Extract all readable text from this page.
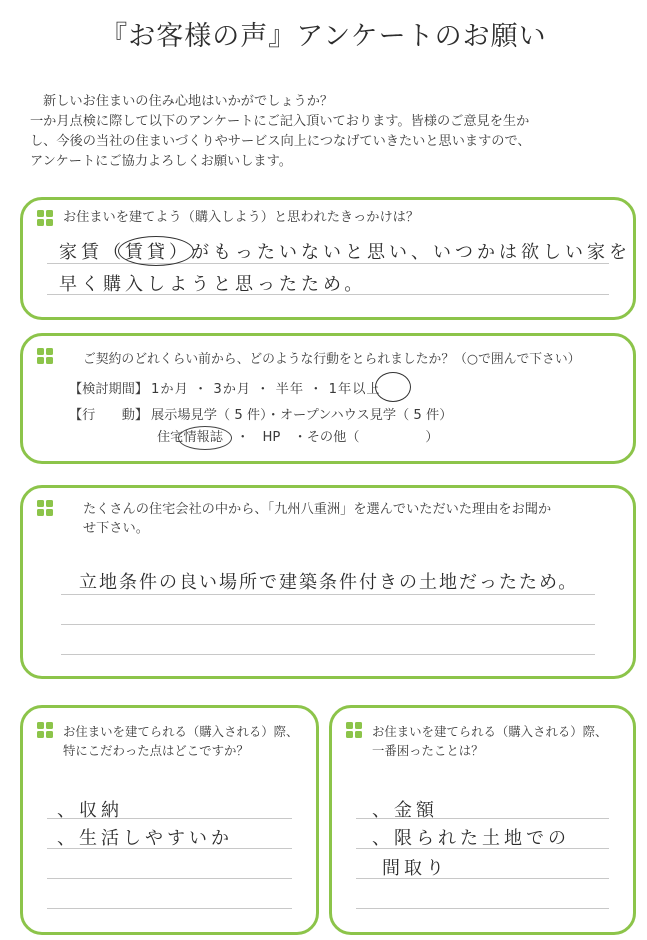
『お客様の声』アンケートのお願い

新しいお住まいの住み心地はいかがでしょうか？

一か月点検に際して以下のアンケートにご記入頂いております。皆様のご意見を生か

し、今後の当社の住まいづくりやサービス向上につなげていきたいと思いますので、

アンケートにご協力よろしくお願いします。

お住まいを建てよう（購入しよう）と思われたきっかけは？
家賃（賃貸）がもったいないと思い、いつかは欲しい家を
早く購入しようと思ったため。
ご契約のどれくらい前から、どのような行動をとられましたか？（○で囲んで下さい）
【検討期間】 1か月 ・ 3か月 ・ 半年 ・ 1年以上
【行　　動】 展示場見学（ 5 件）・オープンハウス見学（ 5 件）
住宅情報誌　・　HP　・その他（　　　　　）
たくさんの住宅会社の中から、「九州八重洲」を選んでいただいた理由をお聞か
せ下さい。
立地条件の良い場所で建築条件付きの土地だったため。
お住まいを建てられる（購入される）際、
特にこだわった点はどこですか？
、収納
、生活しやすいか
お住まいを建てられる（購入される）際、
一番困ったことは？
、金額
、限られた土地での
間取り
